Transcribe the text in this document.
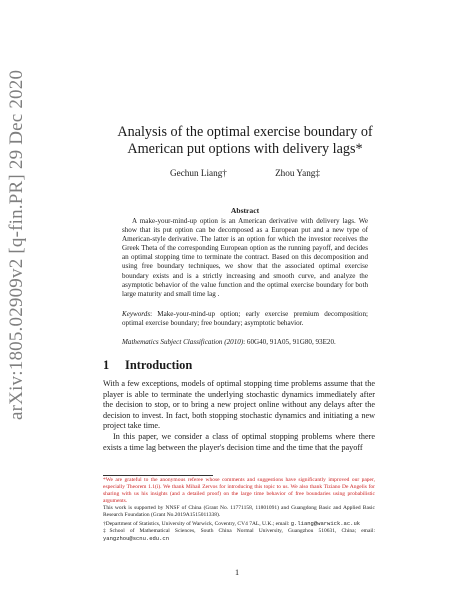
arXiv:1805.02909v2 [q-fin.PR] 29 Dec 2020	Analysis of the optimal exercise boundary of American put options with delivery lags*
Gechun Liang†	Zhou Yang‡
Abstract

A make-your-mind-up option is an American derivative with delivery lags. We show that its put option can be decomposed as a European put and a new type of American-style derivative. The latter is an option for which the investor receives the Greek Theta of the corresponding European option as the running payoff, and decides an optimal stopping time to terminate the contract. Based on this decomposition and using free boundary techniques, we show that the associated optimal exercise boundary exists and is a strictly increasing and smooth curve, and analyze the asymptotic behavior of the value function and the optimal exercise boundary for both large maturity and small time lag .

Keywords: Make-your-mind-up option; early exercise premium decomposition; optimal exercise boundary; free boundary; asymptotic behavior.

Mathematics Subject Classification (2010): 60G40, 91A05, 91G80, 93E20.

1 Introduction

With a few exceptions, models of optimal stopping time problems assume that the player is able to terminate the underlying stochastic dynamics immediately after the decision to stop, or to bring a new project online without any delays after the decision to invest. In fact, both stopping stochastic dynamics and initiating a new project take time.

In this paper, we consider a class of optimal stopping problems where there exists a time lag between the player's decision time and the time that the payoff

*We are grateful to the anonymous referee whose comments and suggestions have significantly improved our paper, especially Theorem 1.1(i). We thank Mihail Zervos for introducing this topic to us. We also thank Tiziano De Angelis for sharing with us his insights (and a detailed proof) on the large time behavior of free boundaries using probabilistic arguments.

This work is supported by NNSF of China (Grant No. 11771158, 11801091) and Guangdong Basic and Applied Basic Research Foundation (Grant No.2019A1515011338).

†Department of Statistics, University of Warwick, Coventry, CV4 7AL, U.K.; email: g.liang@warwick.ac.uk

‡School of Mathematical Sciences, South China Normal University, Guangzhou 510631, China; email: yangzhou@scnu.edu.cn

1
